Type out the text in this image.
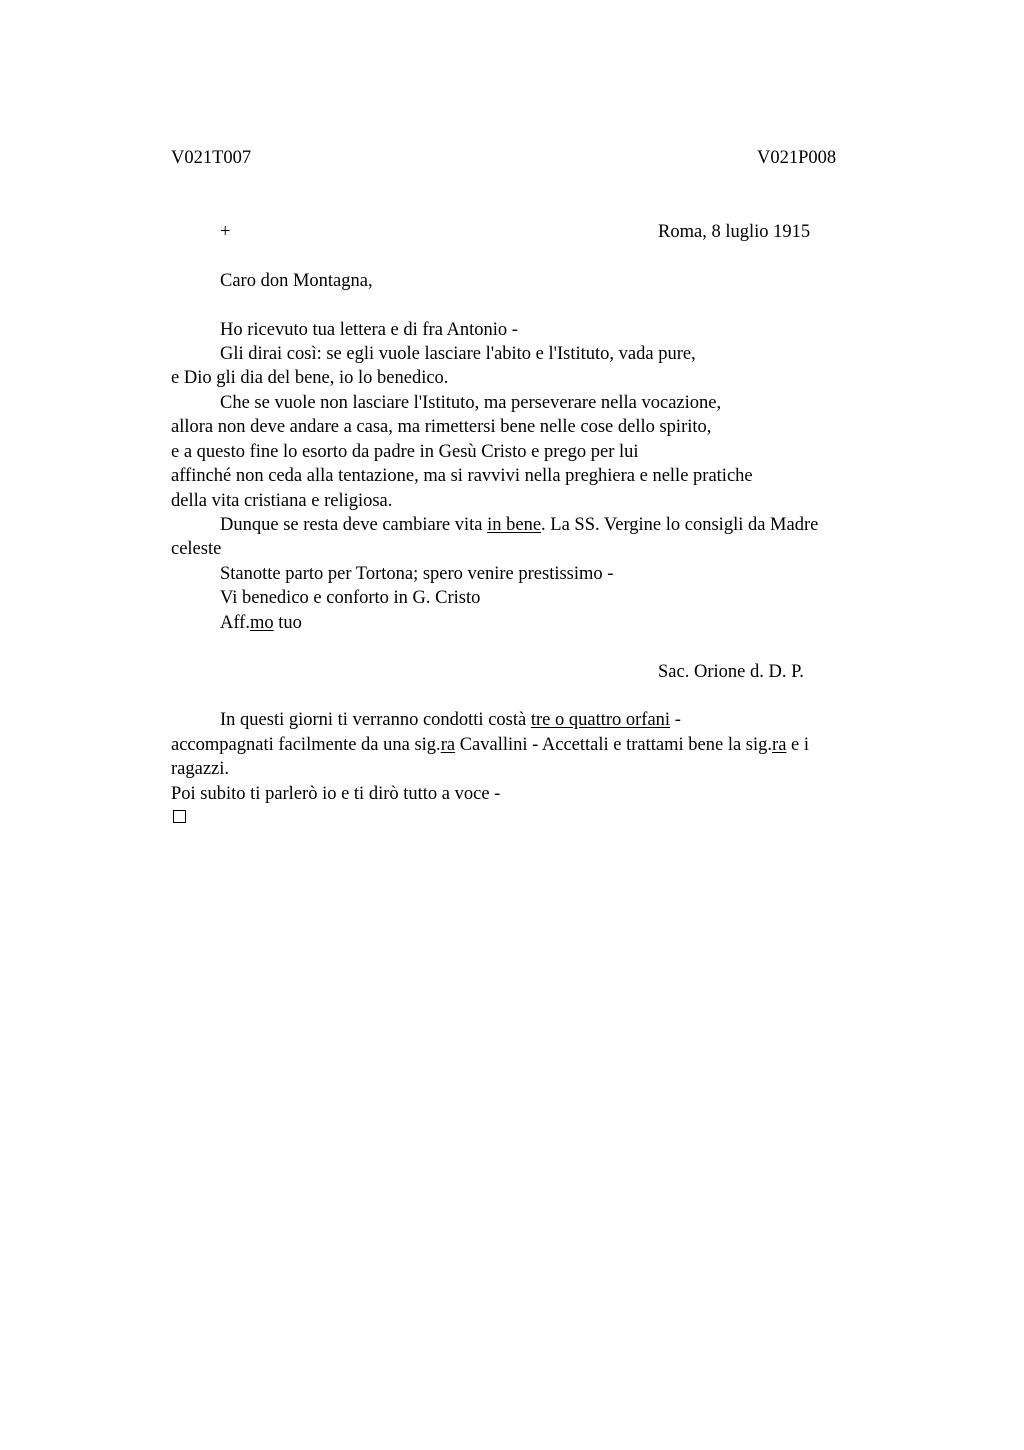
V021T007	V021P008
+	Roma, 8 luglio 1915
Caro don Montagna,
Ho ricevuto tua lettera e di fra Antonio -
Gli dirai così: se egli vuole lasciare l'abito e l'Istituto, vada pure,
e Dio gli dia del bene, io lo benedico.
Che se vuole non lasciare l'Istituto, ma perseverare nella vocazione,
allora non deve andare a casa, ma rimettersi bene nelle cose dello spirito,
e a questo fine lo esorto da padre in Gesù Cristo e prego per lui
affinché non ceda alla tentazione, ma si ravvivi nella preghiera e nelle pratiche
della vita cristiana e religiosa.
Dunque se resta deve cambiare vita in bene. La SS. Vergine lo consigli da Madre
celeste
Stanotte parto per Tortona; spero venire prestissimo -
Vi benedico e conforto in G. Cristo
Aff.mo tuo
Sac. Orione d. D. P.
In questi giorni ti verranno condotti costà tre o quattro orfani -
accompagnati facilmente da una sig.ra Cavallini - Accettali e trattami bene la sig.ra e i
ragazzi.
Poi subito ti parlerò io e ti dirò tutto a voce -
